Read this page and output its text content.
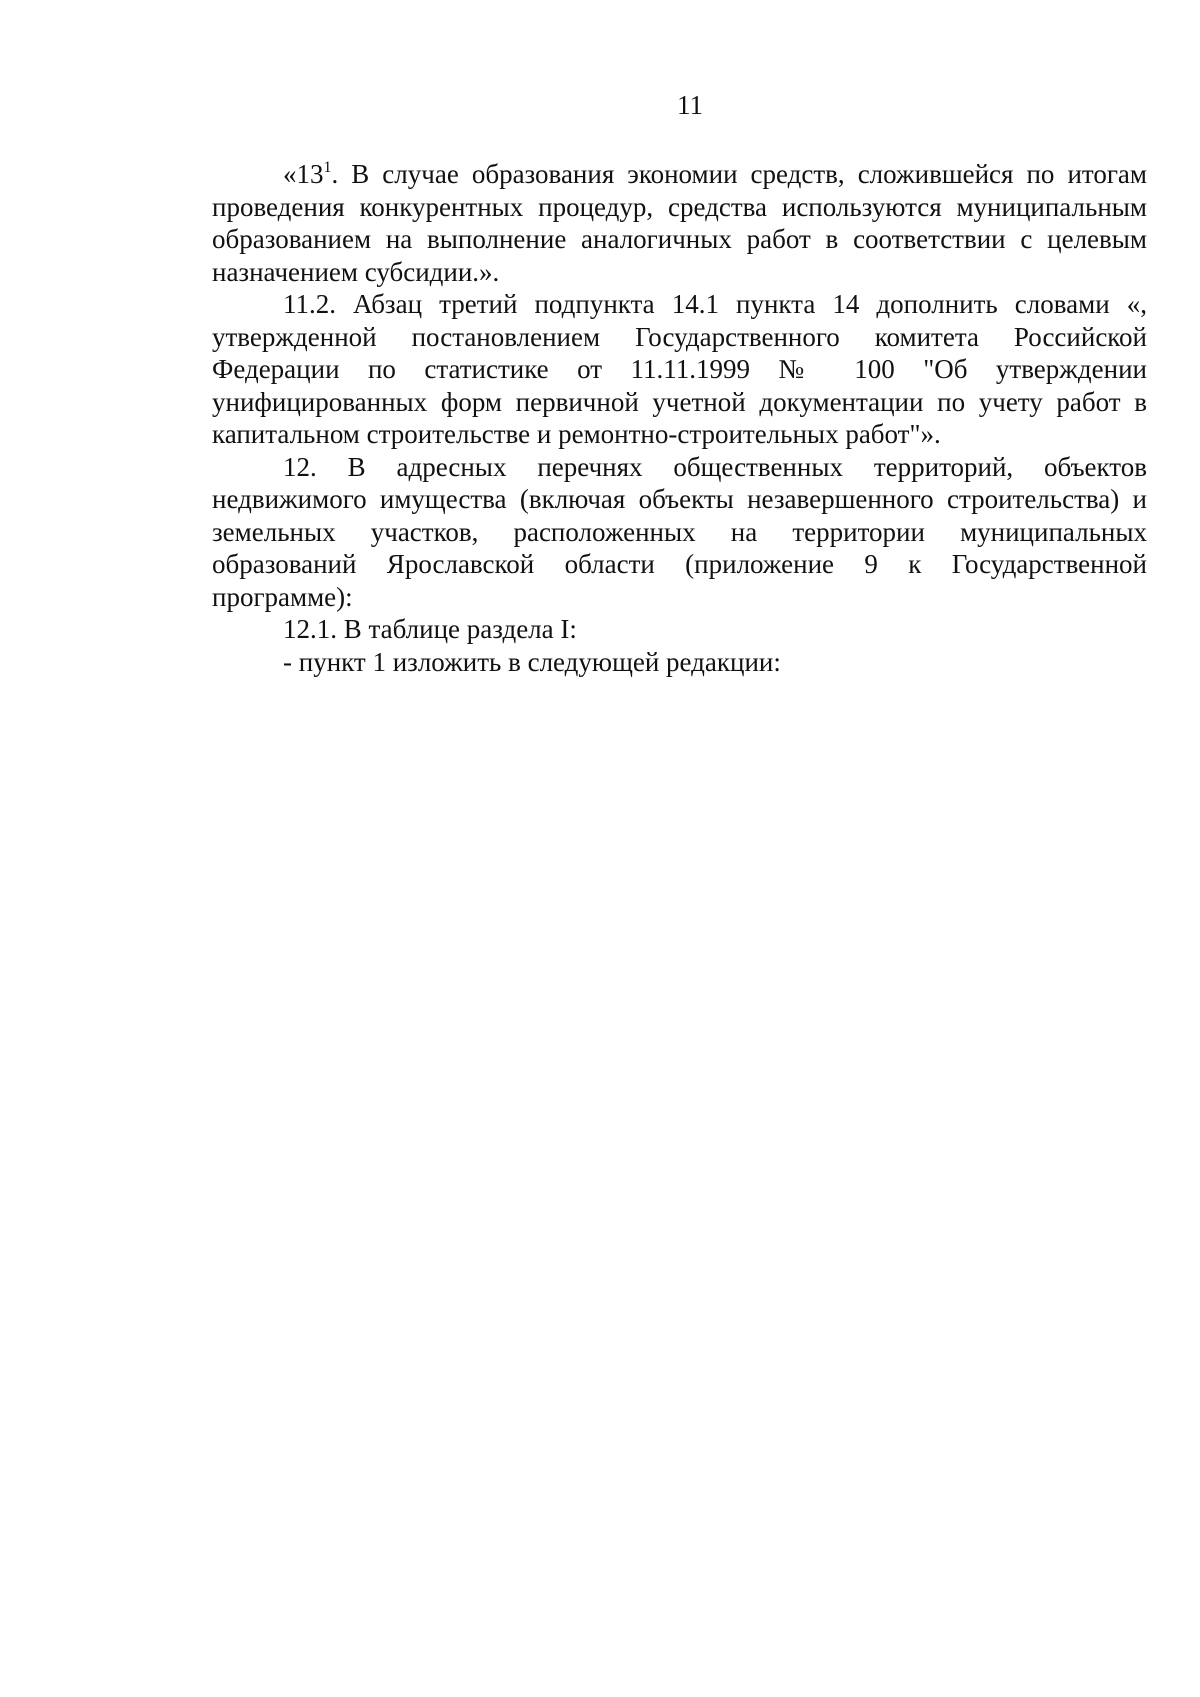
11

«$13^1$. В случае образования экономии средств, сложившейся по итогам проведения конкурентных процедур, средства используются муниципальным образованием на выполнение аналогичных работ в соответствии с целевым назначением субсидии.».

11.2. Абзац третий подпункта 14.1 пункта 14 дополнить словами «, утвержденной постановлением Государственного комитета Российской Федерации по статистике от 11.11.1999 № 100 "Об утверждении унифицированных форм первичной учетной документации по учету работ в капитальном строительстве и ремонтно-строительных работ"».

12. В адресных перечнях общественных территорий, объектов недвижимого имущества (включая объекты незавершенного строительства) и земельных участков, расположенных на территории муниципальных образований Ярославской области (приложение 9 к Государственной программе):

12.1. В таблице раздела I:

- пункт 1 изложить в следующей редакции:
